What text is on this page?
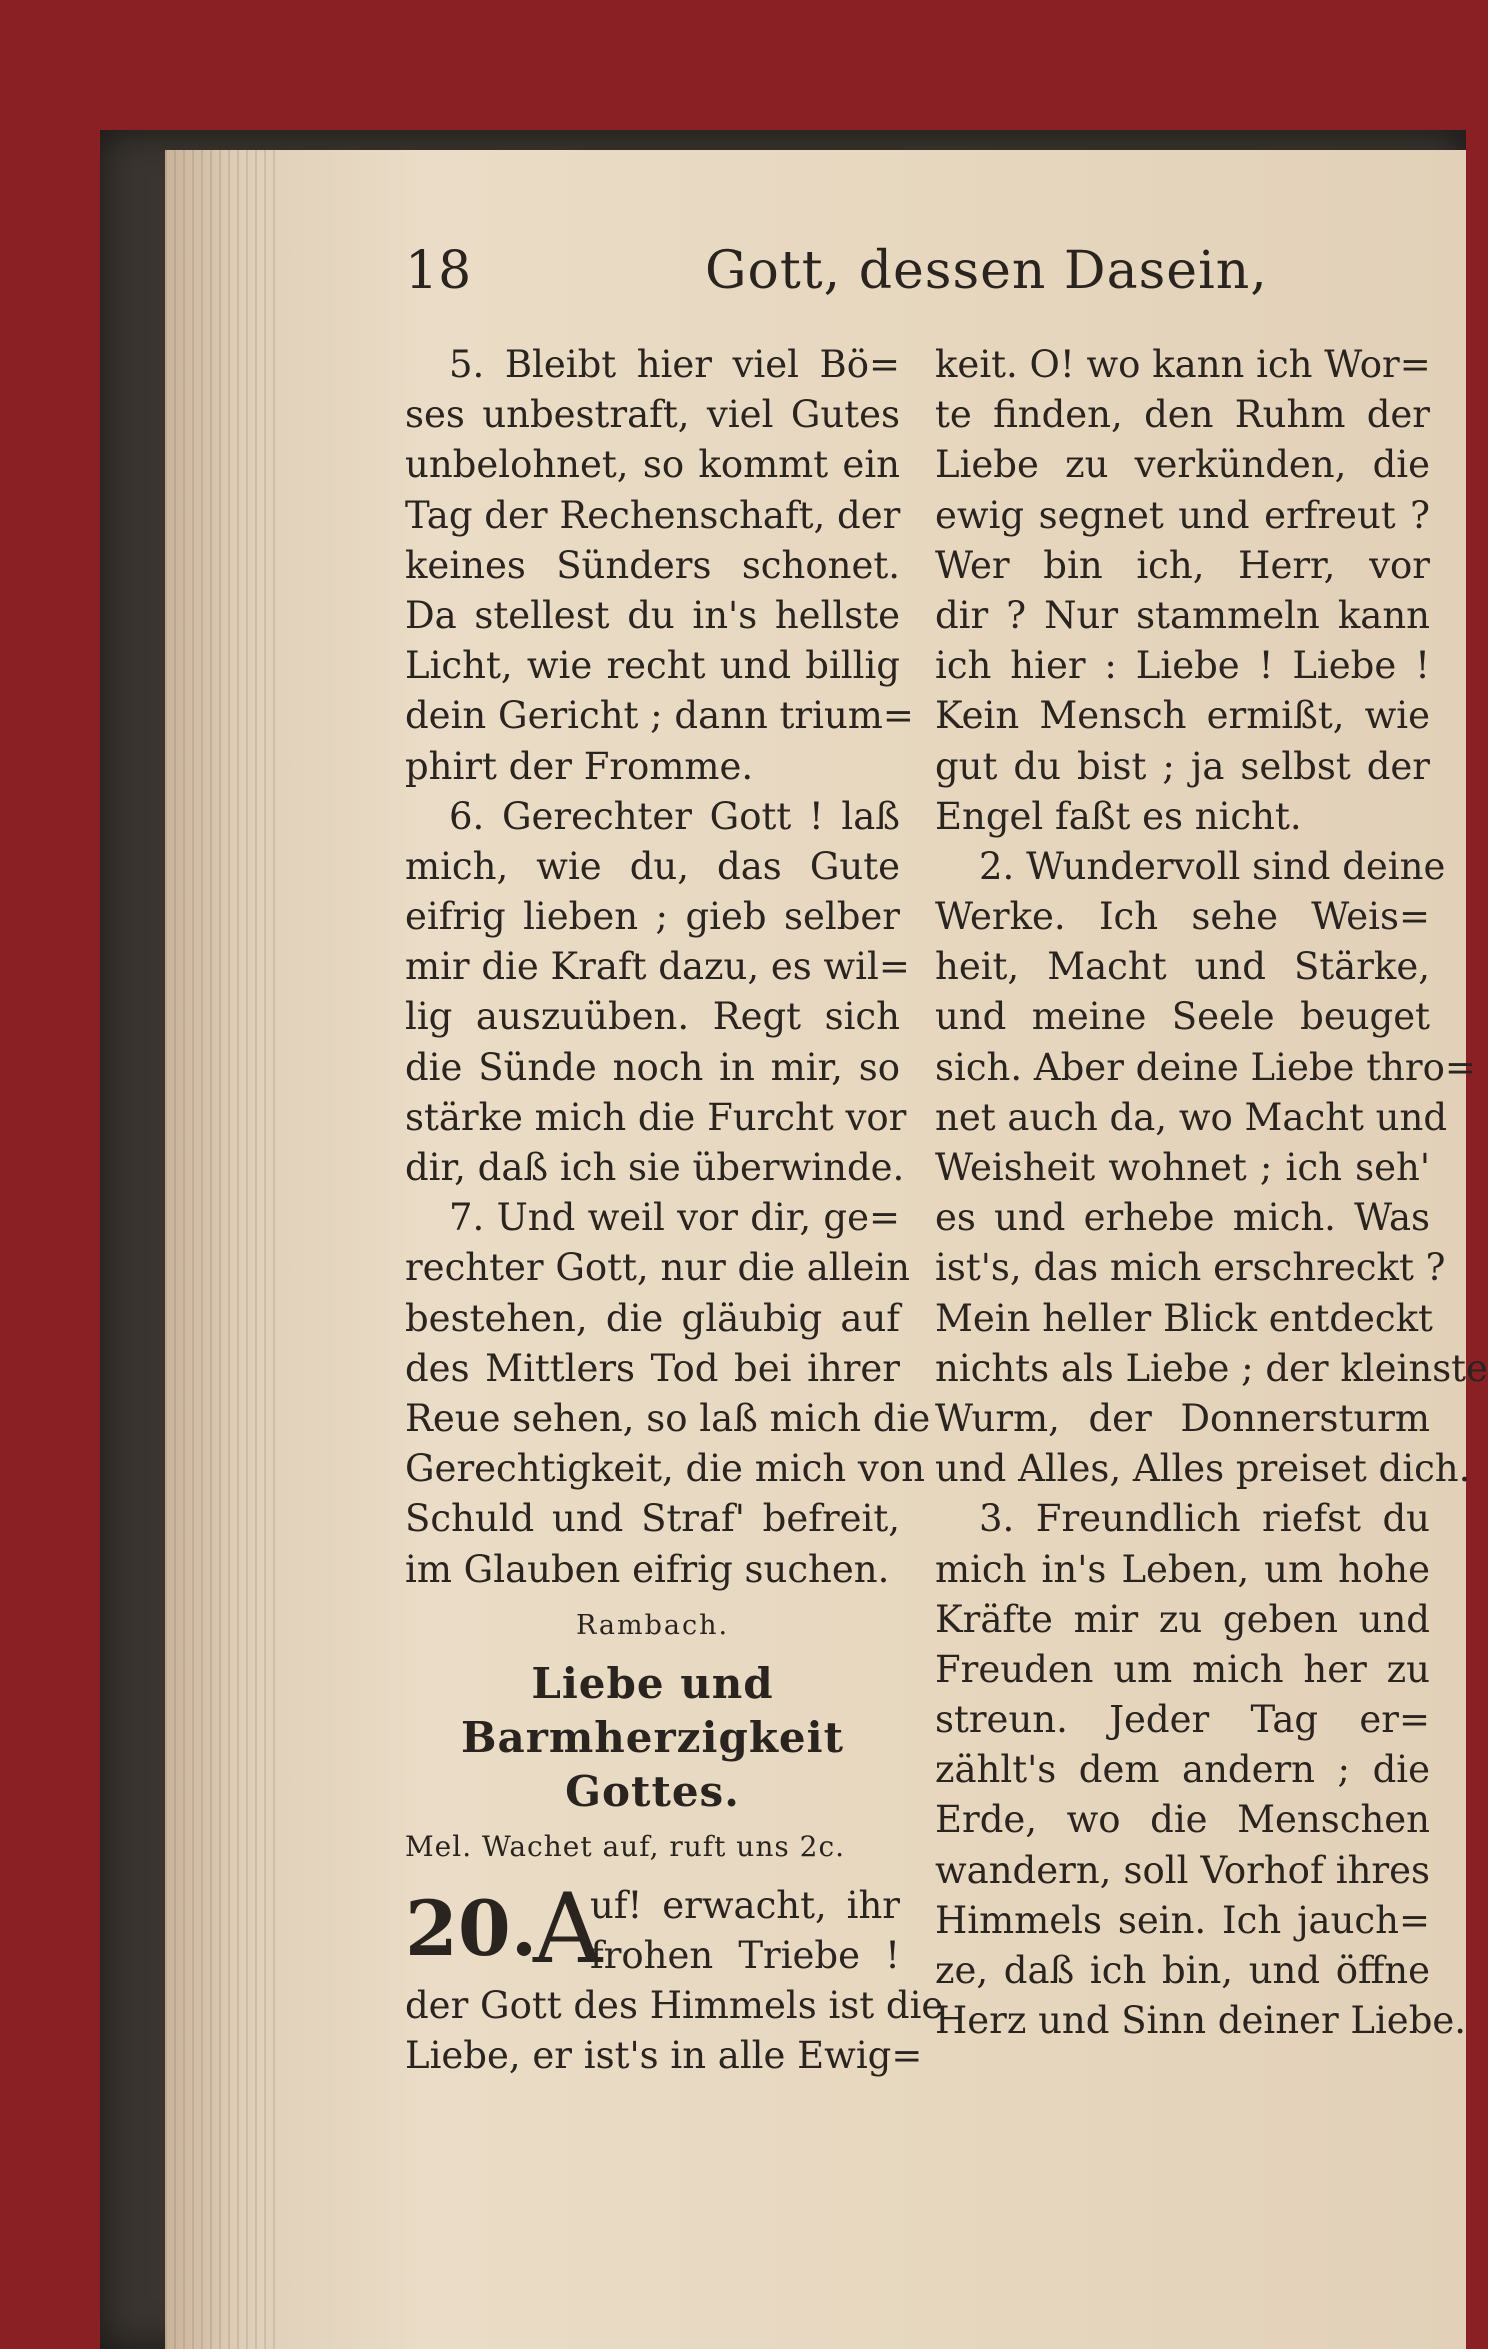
18	Gott, dessen Dasein,
5. Bleibt hier viel Bö=
ses unbestraft, viel Gutes
unbelohnet, so kommt ein
Tag der Rechenschaft, der
keines Sünders schonet.
Da stellest du in's hellste
Licht, wie recht und billig
dein Gericht ; dann trium=
phirt der Fromme.
6. Gerechter Gott ! laß
mich, wie du, das Gute
eifrig lieben ; gieb selber
mir die Kraft dazu, es wil=
lig auszuüben. Regt sich
die Sünde noch in mir, so
stärke mich die Furcht vor
dir, daß ich sie überwinde.
7. Und weil vor dir, ge=
rechter Gott, nur die allein
bestehen, die gläubig auf
des Mittlers Tod bei ihrer
Reue sehen, so laß mich die
Gerechtigkeit, die mich von
Schuld und Straf' befreit,
im Glauben eifrig suchen.
Rambach.
Liebe und Barmherzigkeit
Gottes.
Mel. Wachet auf, ruft uns 2c.
20.
A
uf! erwacht, ihr
frohen Triebe !
der Gott des Himmels ist die
Liebe, er ist's in alle Ewig=
keit. O! wo kann ich Wor=
te finden, den Ruhm der
Liebe zu verkünden, die
ewig segnet und erfreut ?
Wer bin ich, Herr, vor
dir ? Nur stammeln kann
ich hier : Liebe ! Liebe !
Kein Mensch ermißt, wie
gut du bist ; ja selbst der
Engel faßt es nicht.
2. Wundervoll sind deine
Werke. Ich sehe Weis=
heit, Macht und Stärke,
und meine Seele beuget
sich. Aber deine Liebe thro=
net auch da, wo Macht und
Weisheit wohnet ; ich seh'
es und erhebe mich. Was
ist's, das mich erschreckt ?
Mein heller Blick entdeckt
nichts als Liebe ; der kleinste
Wurm, der Donnersturm
und Alles, Alles preiset dich.
3. Freundlich riefst du
mich in's Leben, um hohe
Kräfte mir zu geben und
Freuden um mich her zu
streun. Jeder Tag er=
zählt's dem andern ; die
Erde, wo die Menschen
wandern, soll Vorhof ihres
Himmels sein. Ich jauch=
ze, daß ich bin, und öffne
Herz und Sinn deiner Liebe.
